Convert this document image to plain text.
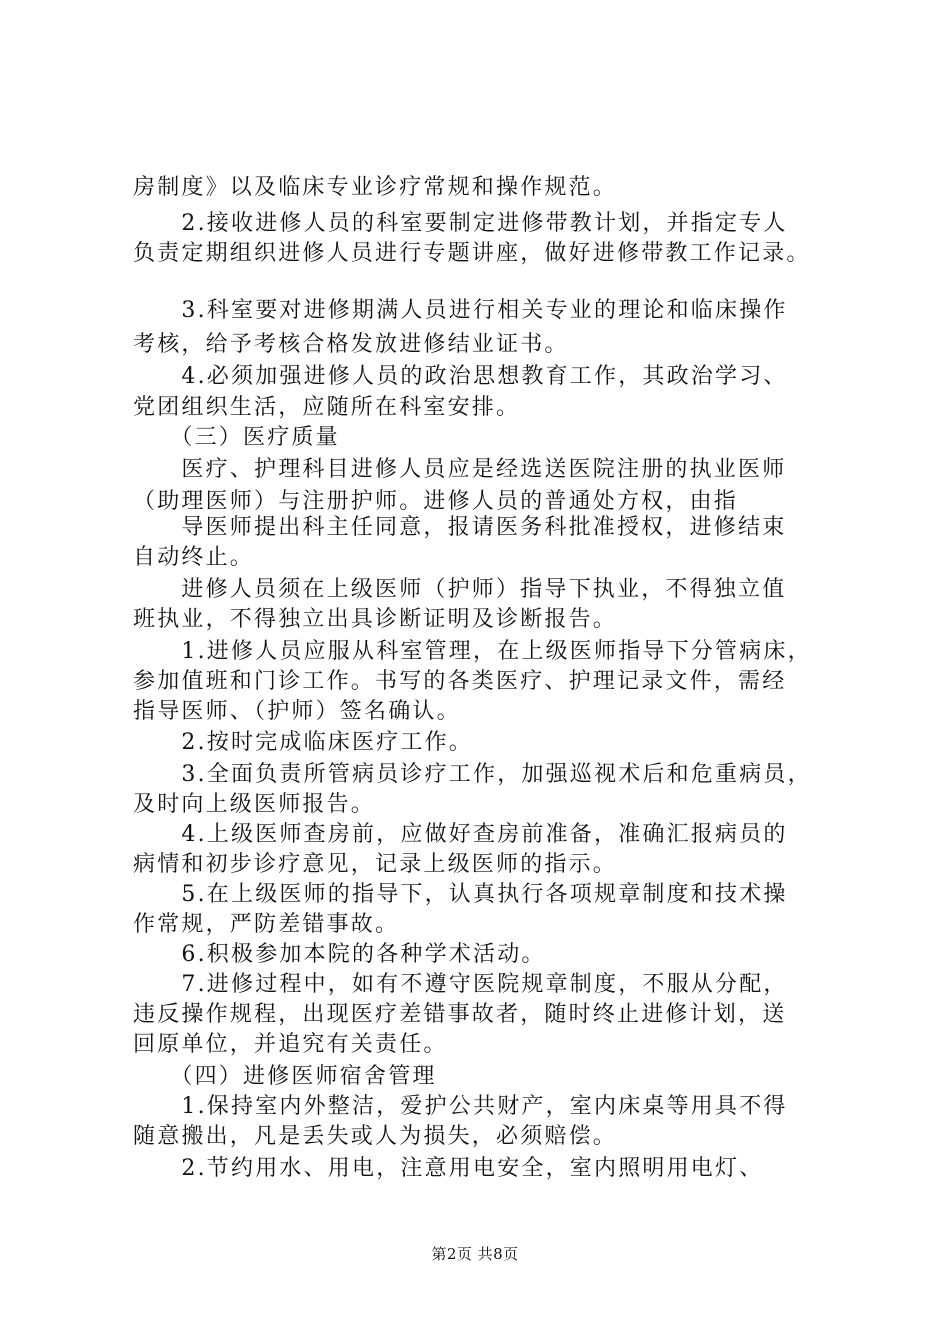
房制度》以及临床专业诊疗常规和操作规范。
　　2.接收进修人员的科室要制定进修带教计划，并指定专人
负责定期组织进修人员进行专题讲座，做好进修带教工作记录。
　　3.科室要对进修期满人员进行相关专业的理论和临床操作
考核，给予考核合格发放进修结业证书。
　　4.必须加强进修人员的政治思想教育工作，其政治学习、
党团组织生活，应随所在科室安排。
　　（三）医疗质量
　　医疗、护理科目进修人员应是经选送医院注册的执业医师
（助理医师）与注册护师。进修人员的普通处方权，由指
　　导医师提出科主任同意，报请医务科批准授权，进修结束
自动终止。
　　进修人员须在上级医师（护师）指导下执业，不得独立值
班执业，不得独立出具诊断证明及诊断报告。
　　1.进修人员应服从科室管理，在上级医师指导下分管病床，
参加值班和门诊工作。书写的各类医疗、护理记录文件，需经
指导医师、（护师）签名确认。
　　2.按时完成临床医疗工作。
　　3.全面负责所管病员诊疗工作，加强巡视术后和危重病员，
及时向上级医师报告。
　　4.上级医师查房前，应做好查房前准备，准确汇报病员的
病情和初步诊疗意见，记录上级医师的指示。
　　5.在上级医师的指导下，认真执行各项规章制度和技术操
作常规，严防差错事故。
　　6.积极参加本院的各种学术活动。
　　7.进修过程中，如有不遵守医院规章制度，不服从分配，
违反操作规程，出现医疗差错事故者，随时终止进修计划，送
回原单位，并追究有关责任。
　　（四）进修医师宿舍管理
　　1.保持室内外整洁，爱护公共财产，室内床桌等用具不得
随意搬出，凡是丢失或人为损失，必须赔偿。
　　2.节约用水、用电，注意用电安全，室内照明用电灯、
第2页 共8页
